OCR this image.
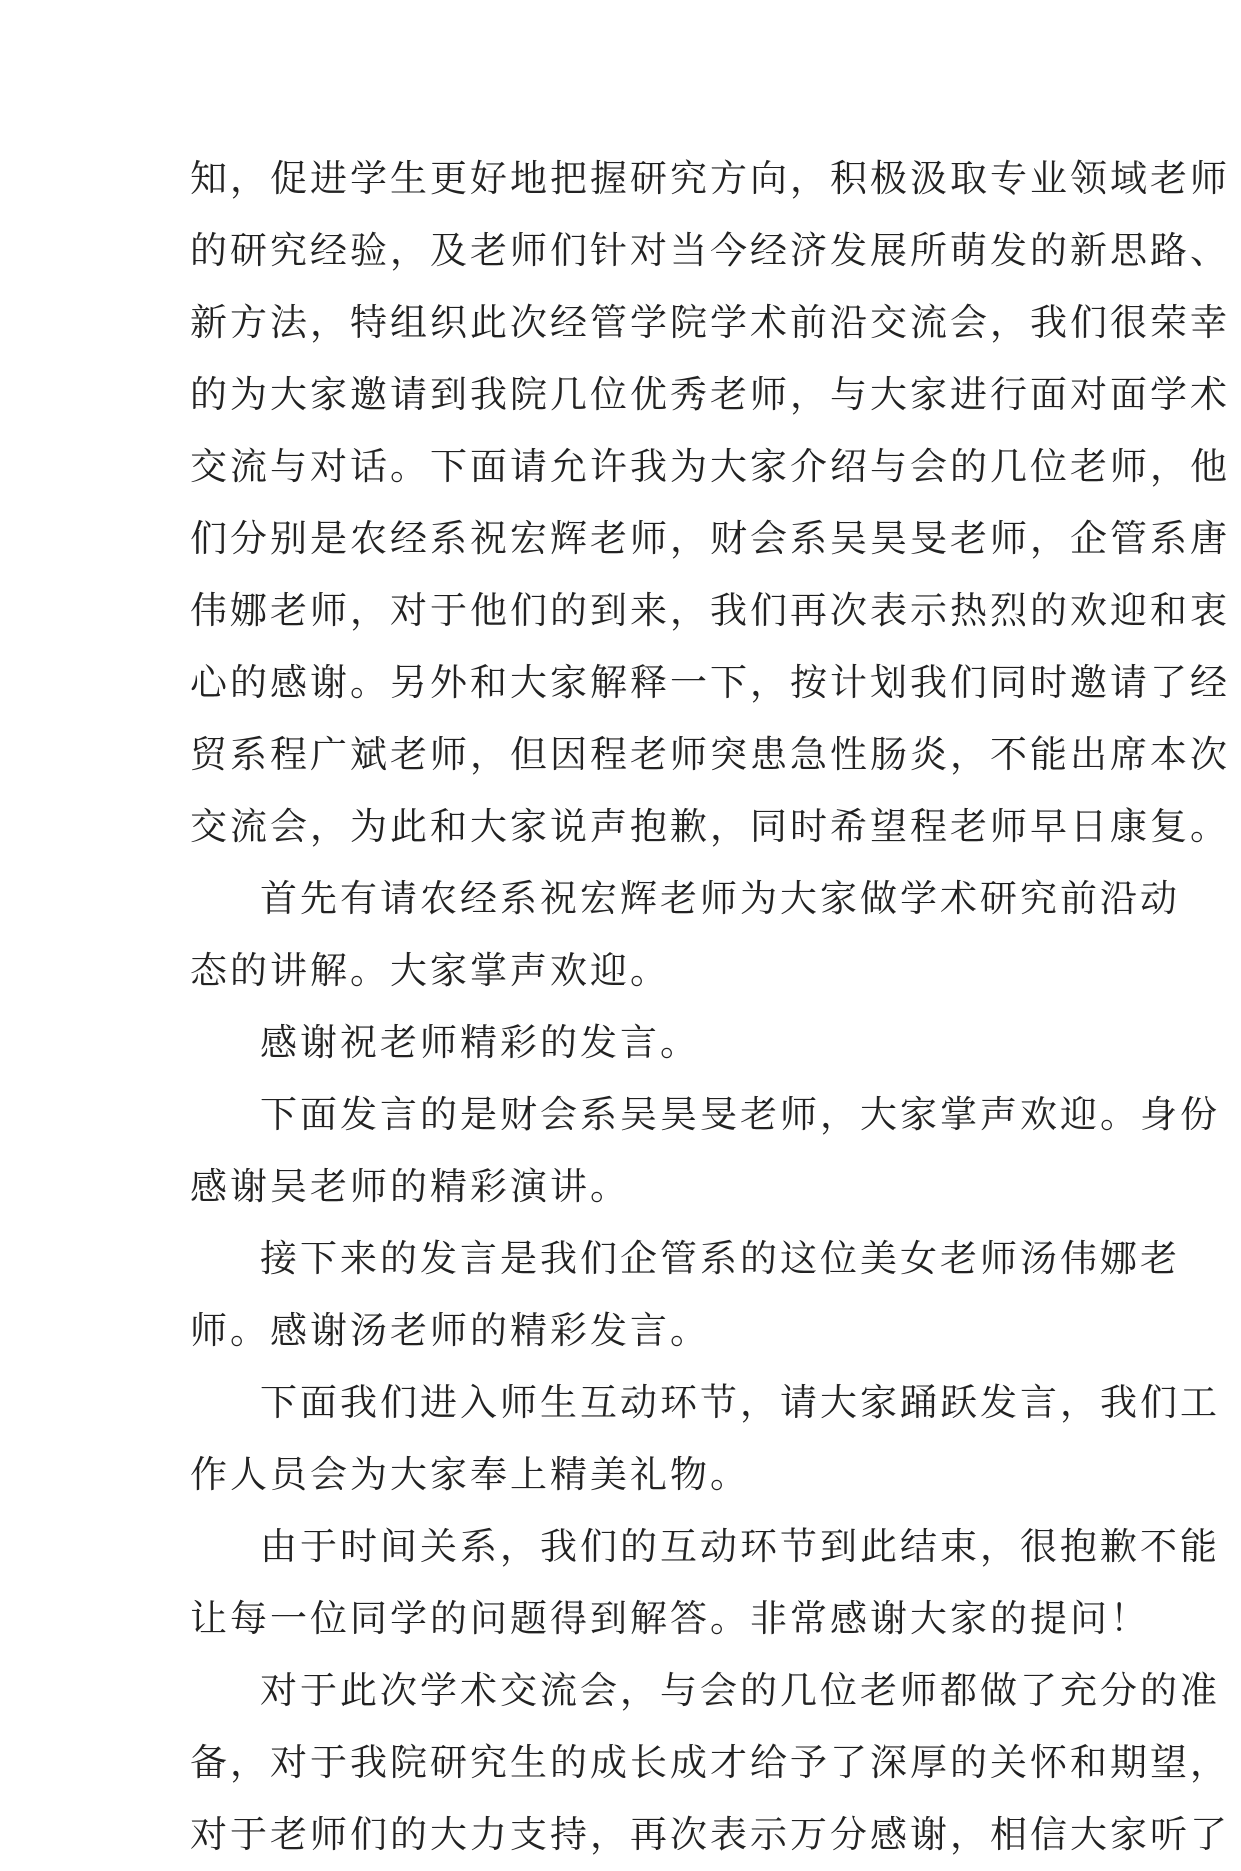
知，促进学生更好地把握研究方向，积极汲取专业领域老师
的研究经验，及老师们针对当今经济发展所萌发的新思路、
新方法，特组织此次经管学院学术前沿交流会，我们很荣幸
的为大家邀请到我院几位优秀老师，与大家进行面对面学术
交流与对话。下面请允许我为大家介绍与会的几位老师，他
们分别是农经系祝宏辉老师，财会系吴昊旻老师，企管系唐
伟娜老师，对于他们的到来，我们再次表示热烈的欢迎和衷
心的感谢。另外和大家解释一下，按计划我们同时邀请了经
贸系程广斌老师，但因程老师突患急性肠炎，不能出席本次
交流会，为此和大家说声抱歉，同时希望程老师早日康复。
首先有请农经系祝宏辉老师为大家做学术研究前沿动
态的讲解。大家掌声欢迎。
感谢祝老师精彩的发言。
下面发言的是财会系吴昊旻老师，大家掌声欢迎。身份
感谢吴老师的精彩演讲。
接下来的发言是我们企管系的这位美女老师汤伟娜老
师。感谢汤老师的精彩发言。
下面我们进入师生互动环节，请大家踊跃发言，我们工
作人员会为大家奉上精美礼物。
由于时间关系，我们的互动环节到此结束，很抱歉不能
让每一位同学的问题得到解答。非常感谢大家的提问！
对于此次学术交流会，与会的几位老师都做了充分的准
备，对于我院研究生的成长成才给予了深厚的关怀和期望，
对于老师们的大力支持，再次表示万分感谢，相信大家听了
